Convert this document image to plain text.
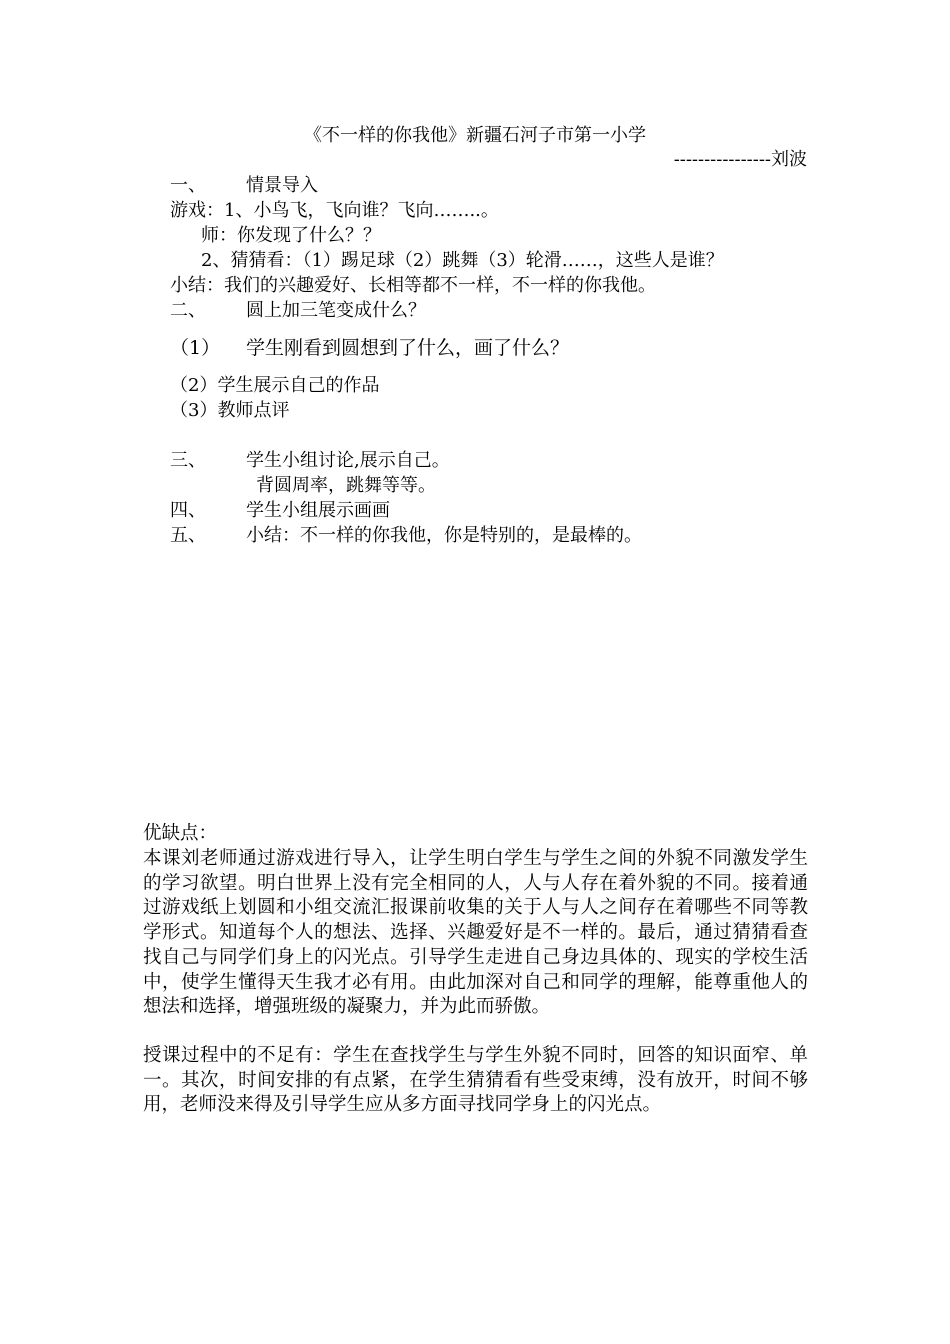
《不一样的你我他》新疆石河子市第一小学
----------------刘波
一、 情景导入
游戏：1、小鸟飞，飞向谁？飞向……..。
师：你发现了什么？？
2、猜猜看：（1）踢足球（2）跳舞（3）轮滑……，这些人是谁？
小结：我们的兴趣爱好、长相等都不一样，不一样的你我他。
二、 圆上加三笔变成什么？
（1） 学生刚看到圆想到了什么，画了什么？
（2）学生展示自己的作品
（3）教师点评
三、 学生小组讨论,展示自己。
背圆周率，跳舞等等。
四、 学生小组展示画画
五、 小结：不一样的你我他，你是特别的，是最棒的。
优缺点：
本课刘老师通过游戏进行导入，让学生明白学生与学生之间的外貌不同激发学生的学习欲望。明白世界上没有完全相同的人，人与人存在着外貌的不同。接着通过游戏纸上划圆和小组交流汇报课前收集的关于人与人之间存在着哪些不同等教学形式。知道每个人的想法、选择、兴趣爱好是不一样的。最后，通过猜猜看查找自己与同学们身上的闪光点。引导学生走进自己身边具体的、现实的学校生活中，使学生懂得天生我才必有用。由此加深对自己和同学的理解，能尊重他人的想法和选择，增强班级的凝聚力，并为此而骄傲。
授课过程中的不足有：学生在查找学生与学生外貌不同时，回答的知识面窄、单一。其次，时间安排的有点紧，在学生猜猜看有些受束缚，没有放开，时间不够用，老师没来得及引导学生应从多方面寻找同学身上的闪光点。
